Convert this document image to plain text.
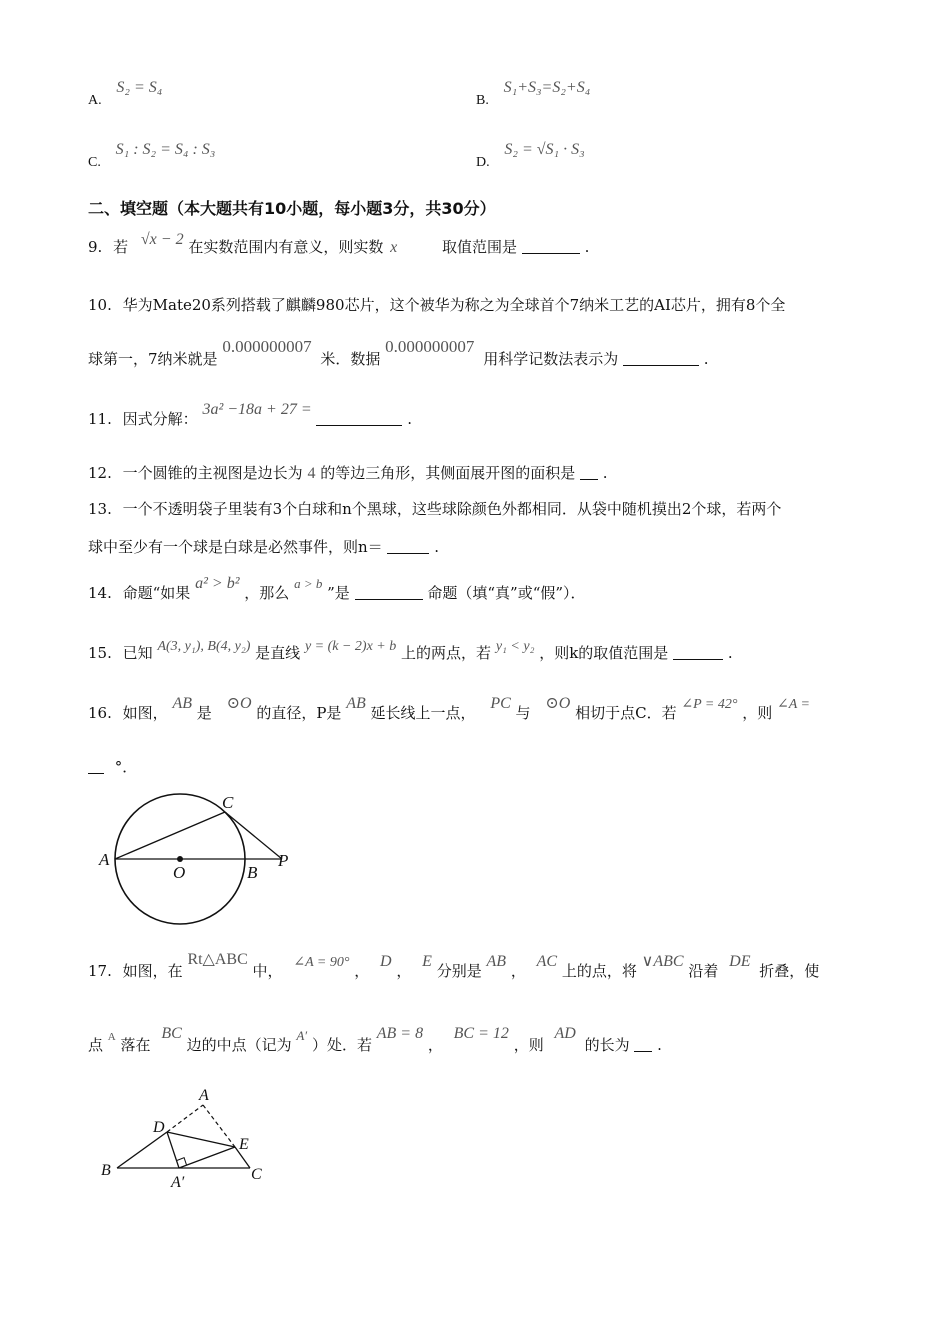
A. S₂ = S₄
B. S₁+S₃=S₂+S₄
C. S₁ : S₂ = S₄ : S₃
D. S₂ = √S₁ · S₃
二、填空题（本大题共有10小题，每小题3分，共30分）
9. 若 √x − 2 在实数范围内有意义，则实数 x	取值范围是	.
10. 华为Mate20系列搭载了麒麟980芯片，这个被华为称之为全球首个7纳米工艺的AI芯片，拥有8个全
球第一，7纳米就是 0.000000007 米．数据 0.000000007 用科学记数法表示为	.
11. 因式分解： 3a² −18a + 27 =  .
12. 一个圆锥的主视图是边长为 4 的等边三角形，其侧面展开图的面积是 .
13. 一个不透明袋子里装有3个白球和n个黑球，这些球除颜色外都相同．从袋中随机摸出2个球，若两个
球中至少有一个球是白球是必然事件，则n＝	.
14. 命题“如果 a² > b² ，那么 a > b ”是	命题（填“真”或“假”）．
15. 已知 A(3, y₁), B(4, y₂) 是直线 y = (k − 2)x + b 上的两点，若 y₁ < y₂ ，则k的取值范围是	.
16. 如图， AB 是 ⊙O 的直径，P是 AB 延长线上一点， PC 与 ⊙O 相切于点C．若 ∠P = 42° ，则 ∠A =
°．
A
O	B
C
P
17. 如图，在 Rt△ABC 中， ∠A = 90° ， D ， E 分别是 AB ， AC 上的点，将 ∨ABC 沿着 DE 折叠，使
点 $^A$ 落在 BC 边的中点（记为 A′ ）处．若 AB = 8 ， BC = 12 ，则 AD 的长为 .
A
D
E
B	C
A′
